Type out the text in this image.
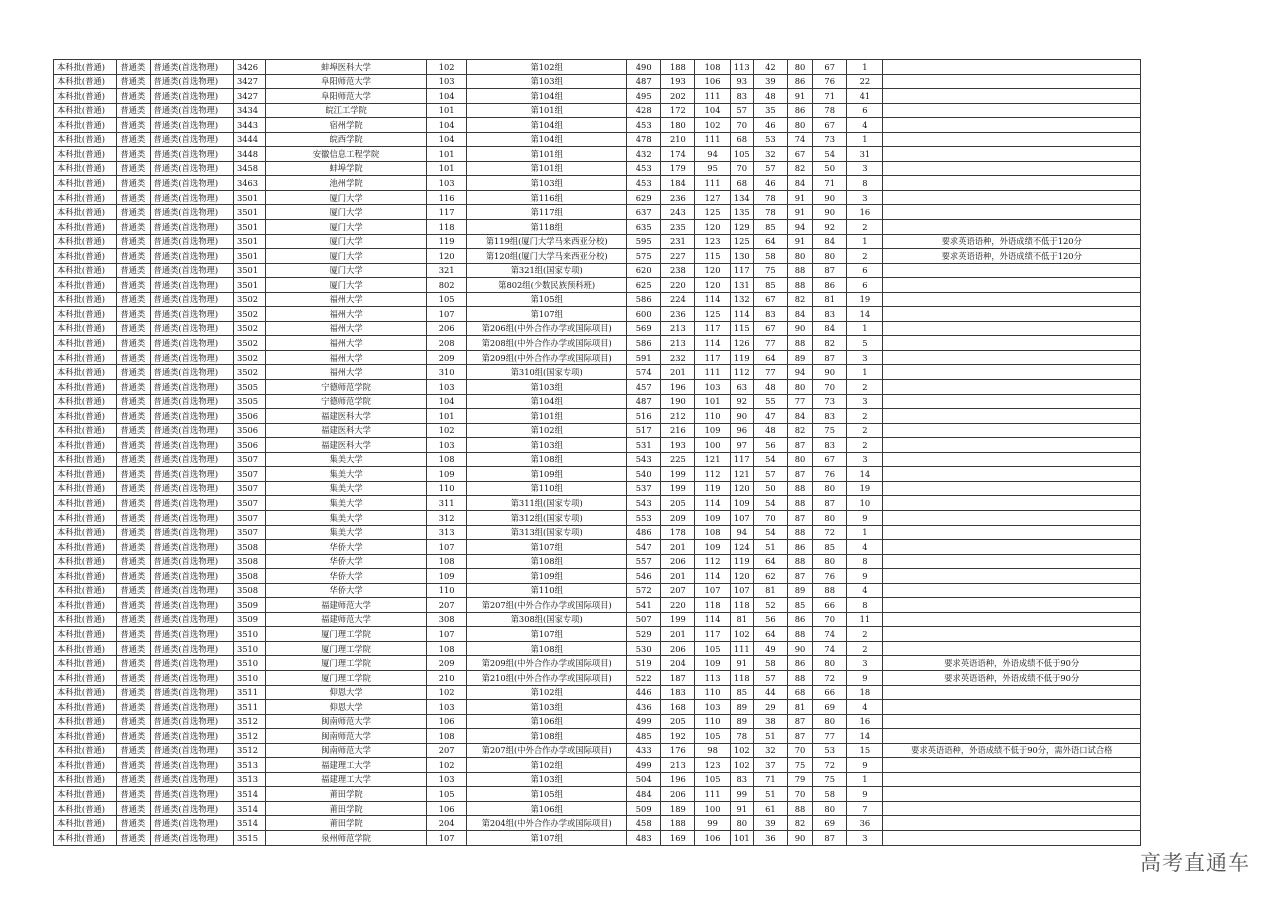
本科批(普通)	普通类	普通类(首选物理)	3426	蚌埠医科大学	102	第102组	490	188	108	113	42	80	67	1	
本科批(普通)	普通类	普通类(首选物理)	3427	阜阳师范大学	103	第103组	487	193	106	93	39	86	76	22	
本科批(普通)	普通类	普通类(首选物理)	3427	阜阳师范大学	104	第104组	495	202	111	83	48	91	71	41	
本科批(普通)	普通类	普通类(首选物理)	3434	皖江工学院	101	第101组	428	172	104	57	35	86	78	6	
本科批(普通)	普通类	普通类(首选物理)	3443	宿州学院	104	第104组	453	180	102	70	46	80	67	4	
本科批(普通)	普通类	普通类(首选物理)	3444	皖西学院	104	第104组	478	210	111	68	53	74	73	1	
本科批(普通)	普通类	普通类(首选物理)	3448	安徽信息工程学院	101	第101组	432	174	94	105	32	67	54	31	
本科批(普通)	普通类	普通类(首选物理)	3458	蚌埠学院	101	第101组	453	179	95	70	57	82	50	3	
本科批(普通)	普通类	普通类(首选物理)	3463	池州学院	103	第103组	453	184	111	68	46	84	71	8	
本科批(普通)	普通类	普通类(首选物理)	3501	厦门大学	116	第116组	629	236	127	134	78	91	90	3	
本科批(普通)	普通类	普通类(首选物理)	3501	厦门大学	117	第117组	637	243	125	135	78	91	90	16	
本科批(普通)	普通类	普通类(首选物理)	3501	厦门大学	118	第118组	635	235	120	129	85	94	92	2	
本科批(普通)	普通类	普通类(首选物理)	3501	厦门大学	119	第119组(厦门大学马来西亚分校)	595	231	123	125	64	91	84	1	要求英语语种，外语成绩不低于120分
本科批(普通)	普通类	普通类(首选物理)	3501	厦门大学	120	第120组(厦门大学马来西亚分校)	575	227	115	130	58	80	80	2	要求英语语种，外语成绩不低于120分
本科批(普通)	普通类	普通类(首选物理)	3501	厦门大学	321	第321组(国家专项)	620	238	120	117	75	88	87	6	
本科批(普通)	普通类	普通类(首选物理)	3501	厦门大学	802	第802组(少数民族预科班)	625	220	120	131	85	88	86	6	
本科批(普通)	普通类	普通类(首选物理)	3502	福州大学	105	第105组	586	224	114	132	67	82	81	19	
本科批(普通)	普通类	普通类(首选物理)	3502	福州大学	107	第107组	600	236	125	114	83	84	83	14	
本科批(普通)	普通类	普通类(首选物理)	3502	福州大学	206	第206组(中外合作办学或国际项目)	569	213	117	115	67	90	84	1	
本科批(普通)	普通类	普通类(首选物理)	3502	福州大学	208	第208组(中外合作办学或国际项目)	586	213	114	126	77	88	82	5	
本科批(普通)	普通类	普通类(首选物理)	3502	福州大学	209	第209组(中外合作办学或国际项目)	591	232	117	119	64	89	87	3	
本科批(普通)	普通类	普通类(首选物理)	3502	福州大学	310	第310组(国家专项)	574	201	111	112	77	94	90	1	
本科批(普通)	普通类	普通类(首选物理)	3505	宁德师范学院	103	第103组	457	196	103	63	48	80	70	2	
本科批(普通)	普通类	普通类(首选物理)	3505	宁德师范学院	104	第104组	487	190	101	92	55	77	73	3	
本科批(普通)	普通类	普通类(首选物理)	3506	福建医科大学	101	第101组	516	212	110	90	47	84	83	2	
本科批(普通)	普通类	普通类(首选物理)	3506	福建医科大学	102	第102组	517	216	109	96	48	82	75	2	
本科批(普通)	普通类	普通类(首选物理)	3506	福建医科大学	103	第103组	531	193	100	97	56	87	83	2	
本科批(普通)	普通类	普通类(首选物理)	3507	集美大学	108	第108组	543	225	121	117	54	80	67	3	
本科批(普通)	普通类	普通类(首选物理)	3507	集美大学	109	第109组	540	199	112	121	57	87	76	14	
本科批(普通)	普通类	普通类(首选物理)	3507	集美大学	110	第110组	537	199	119	120	50	88	80	19	
本科批(普通)	普通类	普通类(首选物理)	3507	集美大学	311	第311组(国家专项)	543	205	114	109	54	88	87	10	
本科批(普通)	普通类	普通类(首选物理)	3507	集美大学	312	第312组(国家专项)	553	209	109	107	70	87	80	9	
本科批(普通)	普通类	普通类(首选物理)	3507	集美大学	313	第313组(国家专项)	486	178	108	94	54	88	72	1	
本科批(普通)	普通类	普通类(首选物理)	3508	华侨大学	107	第107组	547	201	109	124	51	86	85	4	
本科批(普通)	普通类	普通类(首选物理)	3508	华侨大学	108	第108组	557	206	112	119	64	88	80	8	
本科批(普通)	普通类	普通类(首选物理)	3508	华侨大学	109	第109组	546	201	114	120	62	87	76	9	
本科批(普通)	普通类	普通类(首选物理)	3508	华侨大学	110	第110组	572	207	107	107	81	89	88	4	
本科批(普通)	普通类	普通类(首选物理)	3509	福建师范大学	207	第207组(中外合作办学或国际项目)	541	220	118	118	52	85	66	8	
本科批(普通)	普通类	普通类(首选物理)	3509	福建师范大学	308	第308组(国家专项)	507	199	114	81	56	86	70	11	
本科批(普通)	普通类	普通类(首选物理)	3510	厦门理工学院	107	第107组	529	201	117	102	64	88	74	2	
本科批(普通)	普通类	普通类(首选物理)	3510	厦门理工学院	108	第108组	530	206	105	111	49	90	74	2	
本科批(普通)	普通类	普通类(首选物理)	3510	厦门理工学院	209	第209组(中外合作办学或国际项目)	519	204	109	91	58	86	80	3	要求英语语种，外语成绩不低于90分
本科批(普通)	普通类	普通类(首选物理)	3510	厦门理工学院	210	第210组(中外合作办学或国际项目)	522	187	113	118	57	88	72	9	要求英语语种，外语成绩不低于90分
本科批(普通)	普通类	普通类(首选物理)	3511	仰恩大学	102	第102组	446	183	110	85	44	68	66	18	
本科批(普通)	普通类	普通类(首选物理)	3511	仰恩大学	103	第103组	436	168	103	89	29	81	69	4	
本科批(普通)	普通类	普通类(首选物理)	3512	闽南师范大学	106	第106组	499	205	110	89	38	87	80	16	
本科批(普通)	普通类	普通类(首选物理)	3512	闽南师范大学	108	第108组	485	192	105	78	51	87	77	14	
本科批(普通)	普通类	普通类(首选物理)	3512	闽南师范大学	207	第207组(中外合作办学或国际项目)	433	176	98	102	32	70	53	15	要求英语语种，外语成绩不低于90分，需外语口试合格
本科批(普通)	普通类	普通类(首选物理)	3513	福建理工大学	102	第102组	499	213	123	102	37	75	72	9	
本科批(普通)	普通类	普通类(首选物理)	3513	福建理工大学	103	第103组	504	196	105	83	71	79	75	1	
本科批(普通)	普通类	普通类(首选物理)	3514	莆田学院	105	第105组	484	206	111	99	51	70	58	9	
本科批(普通)	普通类	普通类(首选物理)	3514	莆田学院	106	第106组	509	189	100	91	61	88	80	7	
本科批(普通)	普通类	普通类(首选物理)	3514	莆田学院	204	第204组(中外合作办学或国际项目)	458	188	99	80	39	82	69	36	
本科批(普通)	普通类	普通类(首选物理)	3515	泉州师范学院	107	第107组	483	169	106	101	36	90	87	3	
高考直通车
